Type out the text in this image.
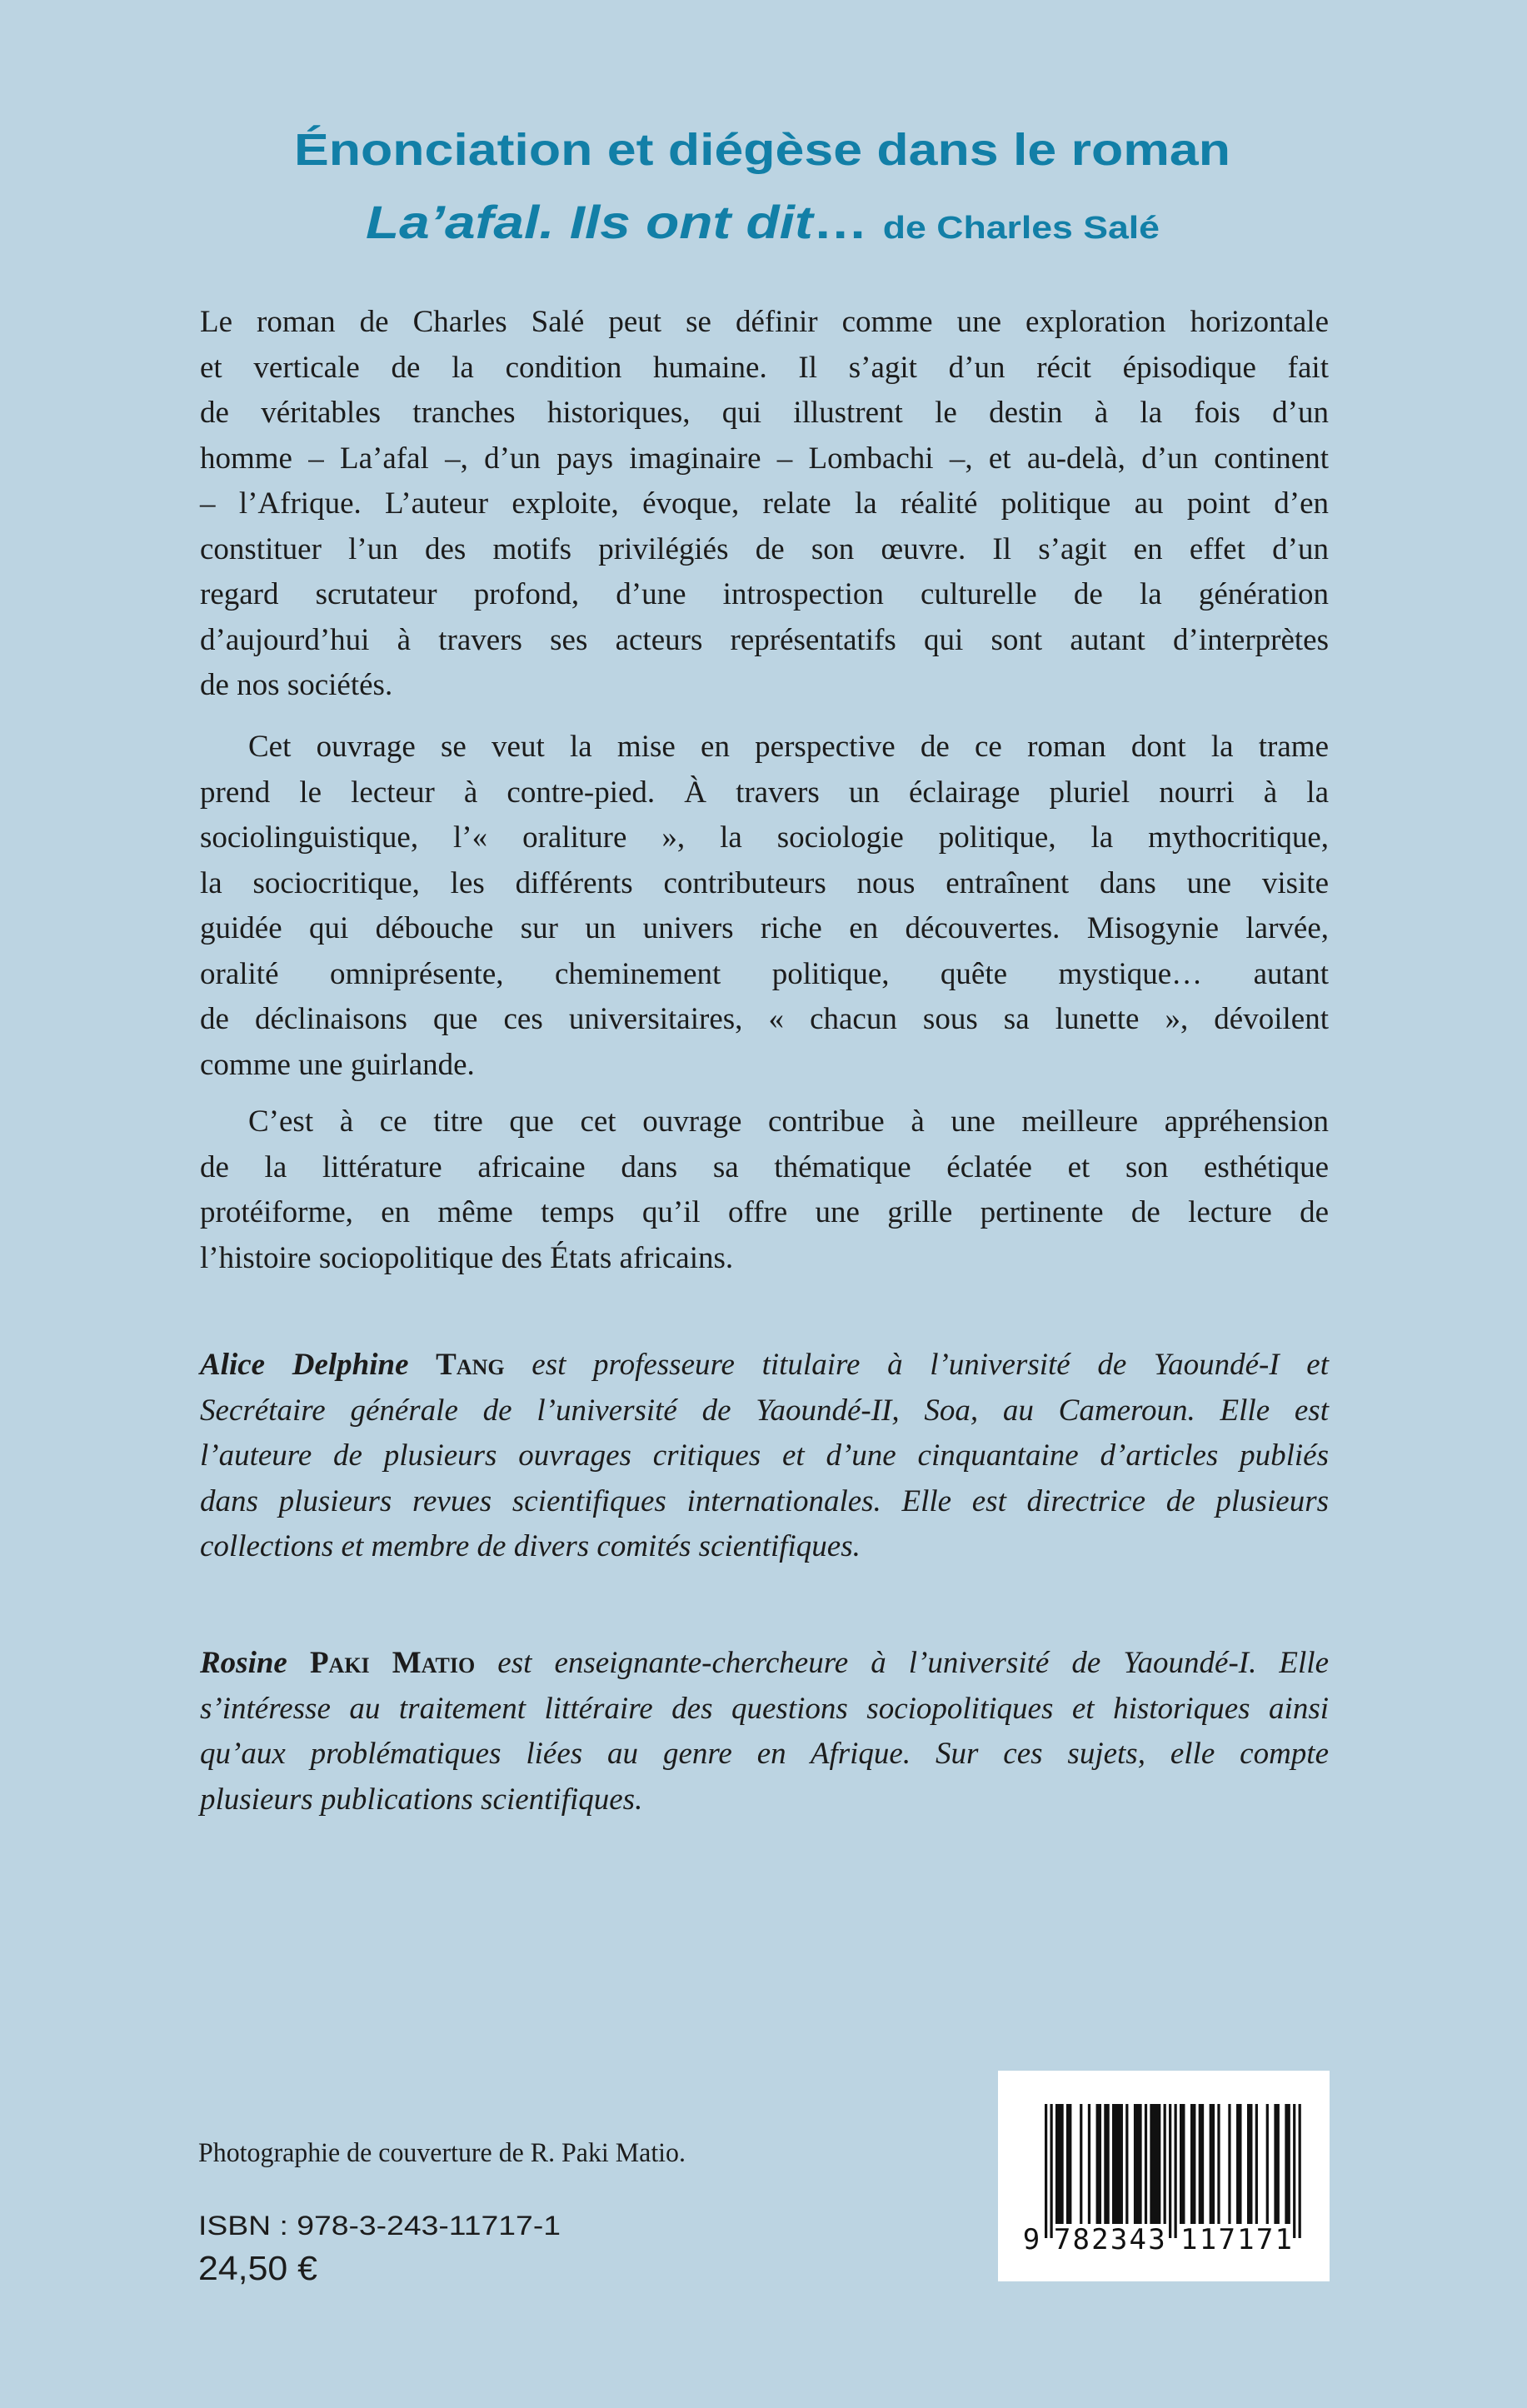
Énonciation et diégèse dans le roman
La’afal. Ils ont dit… de Charles Salé
Le roman de Charles Salé peut se définir comme une exploration horizontale
et verticale de la condition humaine. Il s’agit d’un récit épisodique fait
de véritables tranches historiques, qui illustrent le destin à la fois d’un
homme – La’afal –, d’un pays imaginaire – Lombachi –, et au-delà, d’un continent
– l’Afrique. L’auteur exploite, évoque, relate la réalité politique au point d’en
constituer l’un des motifs privilégiés de son œuvre. Il s’agit en effet d’un
regard scrutateur profond, d’une introspection culturelle de la génération
d’aujourd’hui à travers ses acteurs représentatifs qui sont autant d’interprètes
de nos sociétés.
Cet ouvrage se veut la mise en perspective de ce roman dont la trame
prend le lecteur à contre-pied. À travers un éclairage pluriel nourri à la
sociolinguistique, l’« oraliture », la sociologie politique, la mythocritique,
la sociocritique, les différents contributeurs nous entraînent dans une visite
guidée qui débouche sur un univers riche en découvertes. Misogynie larvée,
oralité omniprésente, cheminement politique, quête mystique… autant
de déclinaisons que ces universitaires, « chacun sous sa lunette », dévoilent
comme une guirlande.
C’est à ce titre que cet ouvrage contribue à une meilleure appréhension
de la littérature africaine dans sa thématique éclatée et son esthétique
protéiforme, en même temps qu’il offre une grille pertinente de lecture de
l’histoire sociopolitique des États africains.
Alice Delphine Tang est professeure titulaire à l’université de Yaoundé-I et
Secrétaire générale de l’université de Yaoundé-II, Soa, au Cameroun. Elle est
l’auteure de plusieurs ouvrages critiques et d’une cinquantaine d’articles publiés
dans plusieurs revues scientifiques internationales. Elle est directrice de plusieurs
collections et membre de divers comités scientifiques.
Rosine Paki Matio est enseignante-chercheure à l’université de Yaoundé-I. Elle
s’intéresse au traitement littéraire des questions sociopolitiques et historiques ainsi
qu’aux problématiques liées au genre en Afrique. Sur ces sujets, elle compte
plusieurs publications scientifiques.
Photographie de couverture de R. Paki Matio.
ISBN : 978-3-243-11717-1
24,50 €
9782343117171
